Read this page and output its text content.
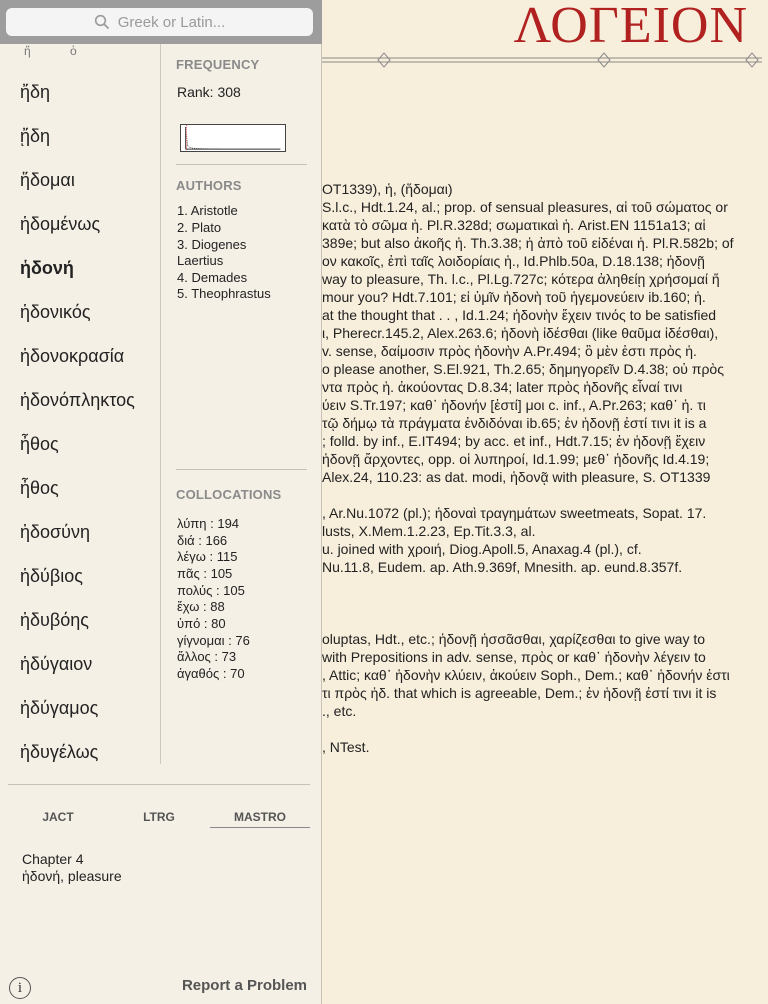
ΛΟΓΕΙΟΝ
OT1339), ἡ, (ἥδομαι)
S.l.c., Hdt.1.24, al.; prop. of sensual pleasures, αἱ τοῦ σώματος or
κατὰ τὸ σῶμα ἡ. Pl.R.328d; σωματικαὶ ἡ. Arist.EN 1151a13; αἱ
389e; but also ἀκοῆς ἡ. Th.3.38; ἡ ἀπὸ τοῦ εἰδέναι ἡ. Pl.R.582b; of
ον κακοῖς, ἐπὶ ταῖς λοιδορίαις ἡ., Id.Phlb.50a, D.18.138; ἡδονῇ
way to pleasure, Th. l.c., Pl.Lg.727c; κότερα ἀληθείῃ χρήσομαί ἤ
mour you? Hdt.7.101; εἰ ὑμῖν ἡδονὴ τοῦ ἡγεμονεύειν ib.160; ἡ.
at the thought that . . , Id.1.24; ἡδονὴν ἔχειν τινός to be satisfied
ι, Pherecr.145.2, Alex.263.6; ἡδονὴ ἰδέσθαι (like θαῦμα ἰδέσθαι),
v. sense, δαίμοσιν πρὸς ἡδονὴν A.Pr.494; ὃ μὲν ἐστι πρὸς ἡ.
o please another, S.El.921, Th.2.65; δημηγορεῖν D.4.38; οὐ πρὸς
ντα πρὸς ἡ. ἀκούοντας D.8.34; later πρὸς ἡδονῆς εἶναί τινι
ύειν S.Tr.197; καθ᾽ ἡδονήν [ἐστί] μοι c. inf., A.Pr.263; καθ᾽ ἡ. τι
τῷ δήμῳ τὰ πράγματα ἐνδιδόναι ib.65; ἐν ἡδονῇ ἐστί τινι it is a
; folld. by inf., E.IT494; by acc. et inf., Hdt.7.15; ἐν ἡδονῇ ἔχειν
ἡδονῇ ἄρχοντες, opp. οἱ λυπηροί, Id.1.99; μεθ᾽ ἡδονῆς Id.4.19;
Alex.24, 110.23: as dat. modi, ἡδονᾷ with pleasure, S. OT1339
, Ar.Nu.1072 (pl.); ἡδοναὶ τραγημάτων sweetmeats, Sopat. 17.
lusts, X.Mem.1.2.23, Ep.Tit.3.3, al.
u. joined with χροιή, Diog.Apoll.5, Anaxag.4 (pl.), cf.
Nu.11.8, Eudem. ap. Ath.9.369f, Mnesith. ap. eund.8.357f.
oluptas, Hdt., etc.; ἡδονῇ ἡσσᾶσθαι, χαρίζεσθαι to give way to
with Prepositions in adv. sense, πρὸς or καθ᾽ ἡδονὴν λέγειν to
, Attic; καθ᾽ ἡδονὴν κλύειν, ἀκούειν Soph., Dem.; καθ᾽ ἡδονήν ἐστι
τι πρὸς ἡδ. that which is agreeable, Dem.; ἐν ἡδονῇ ἐστί τινι it is
., etc.
, NTest.
Greek or Latin...
ἤ ὁ
ἤδη
ᾔδη
ἥδομαι
ἡδομένως
ἡδονή
ἡδονικός
ἡδονοκρασία
ἡδονόπληκτος
ἦθος
ἦθος
ἡδοσύνη
ἡδύβιος
ἡδυβόης
ἡδύγαιον
ἡδύγαμος
ἡδυγέλως
FREQUENCY
Rank: 308
AUTHORS
1. Aristotle
2. Plato
3. Diogenes
Laertius
4. Demades
5. Theophrastus
COLLOCATIONS
λύπη : 194
διά : 166
λέγω : 115
πᾶς : 105
πολύς : 105
ἔχω : 88
ὑπό : 80
γίγνομαι : 76
ἄλλος : 73
ἀγαθός : 70
JACT	LTRG	MASTRO
Chapter 4
ἡδονή, pleasure
i	Report a Problem
